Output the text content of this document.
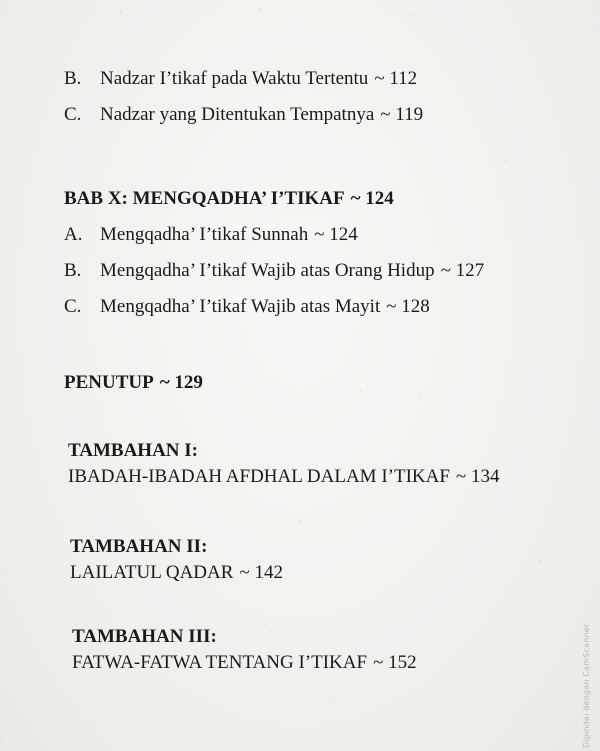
B. Nadzar I’tikaf pada Waktu Tertentu ~ 112
C. Nadzar yang Ditentukan Tempatnya ~ 119
BAB X: MENGQADHA’ I’TIKAF ~ 124
A. Mengqadha’ I’tikaf Sunnah ~ 124
B. Mengqadha’ I’tikaf Wajib atas Orang Hidup ~ 127
C. Mengqadha’ I’tikaf Wajib atas Mayit ~ 128
PENUTUP ~ 129
TAMBAHAN I:
IBADAH-IBADAH AFDHAL DALAM I’TIKAF ~ 134
TAMBAHAN II:
LAILATUL QADAR ~ 142
TAMBAHAN III:
FATWA-FATWA TENTANG I’TIKAF ~ 152	Dipindai dengan CamScanner
